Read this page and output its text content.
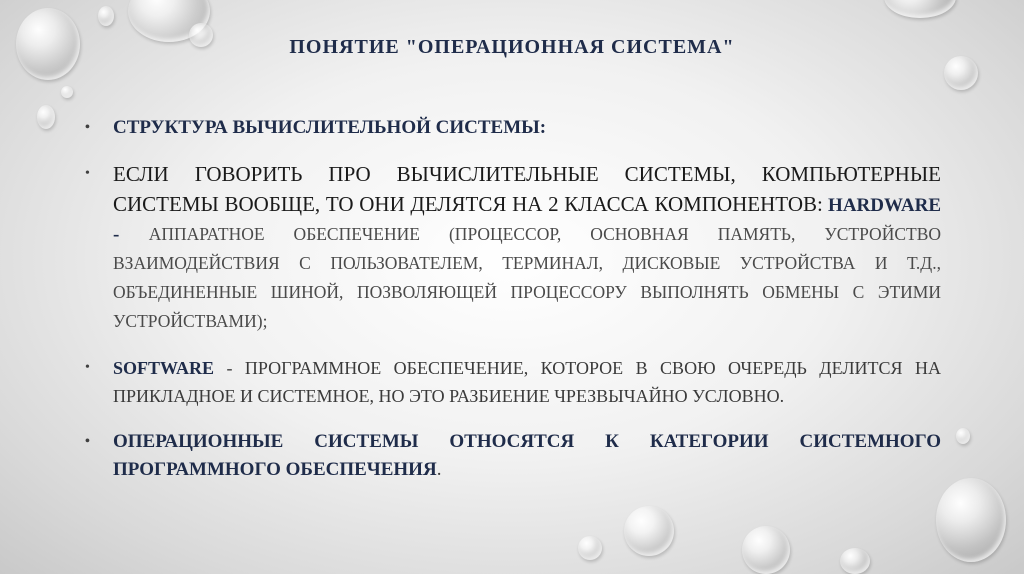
ПОНЯТИЕ "ОПЕРАЦИОННАЯ СИСТЕМА"
• СТРУКТУРА ВЫЧИСЛИТЕЛЬНОЙ СИСТЕМЫ:
• ЕСЛИ ГОВОРИТЬ ПРО ВЫЧИСЛИТЕЛЬНЫЕ СИСТЕМЫ, КОМПЬЮТЕРНЫЕ СИСТЕМЫ ВООБЩЕ, ТО ОНИ ДЕЛЯТСЯ НА 2 КЛАССА КОМПОНЕНТОВ: HARDWARE - АППАРАТНОЕ ОБЕСПЕЧЕНИЕ (ПРОЦЕССОР, ОСНОВНАЯ ПАМЯТЬ, УСТРОЙСТВО ВЗАИМОДЕЙСТВИЯ С ПОЛЬЗОВАТЕЛЕМ, ТЕРМИНАЛ, ДИСКОВЫЕ УСТРОЙСТВА И Т.Д., ОБЪЕДИНЕННЫЕ ШИНОЙ, ПОЗВОЛЯЮЩЕЙ ПРОЦЕССОРУ ВЫПОЛНЯТЬ ОБМЕНЫ С ЭТИМИ УСТРОЙСТВАМИ);
• SOFTWARE - ПРОГРАММНОЕ ОБЕСПЕЧЕНИЕ, КОТОРОЕ В СВОЮ ОЧЕРЕДЬ ДЕЛИТСЯ НА ПРИКЛАДНОЕ И СИСТЕМНОЕ, НО ЭТО РАЗБИЕНИЕ ЧРЕЗВЫЧАЙНО УСЛОВНО.
• ОПЕРАЦИОННЫЕ СИСТЕМЫ ОТНОСЯТСЯ К КАТЕГОРИИ СИСТЕМНОГО ПРОГРАММНОГО ОБЕСПЕЧЕНИЯ.
